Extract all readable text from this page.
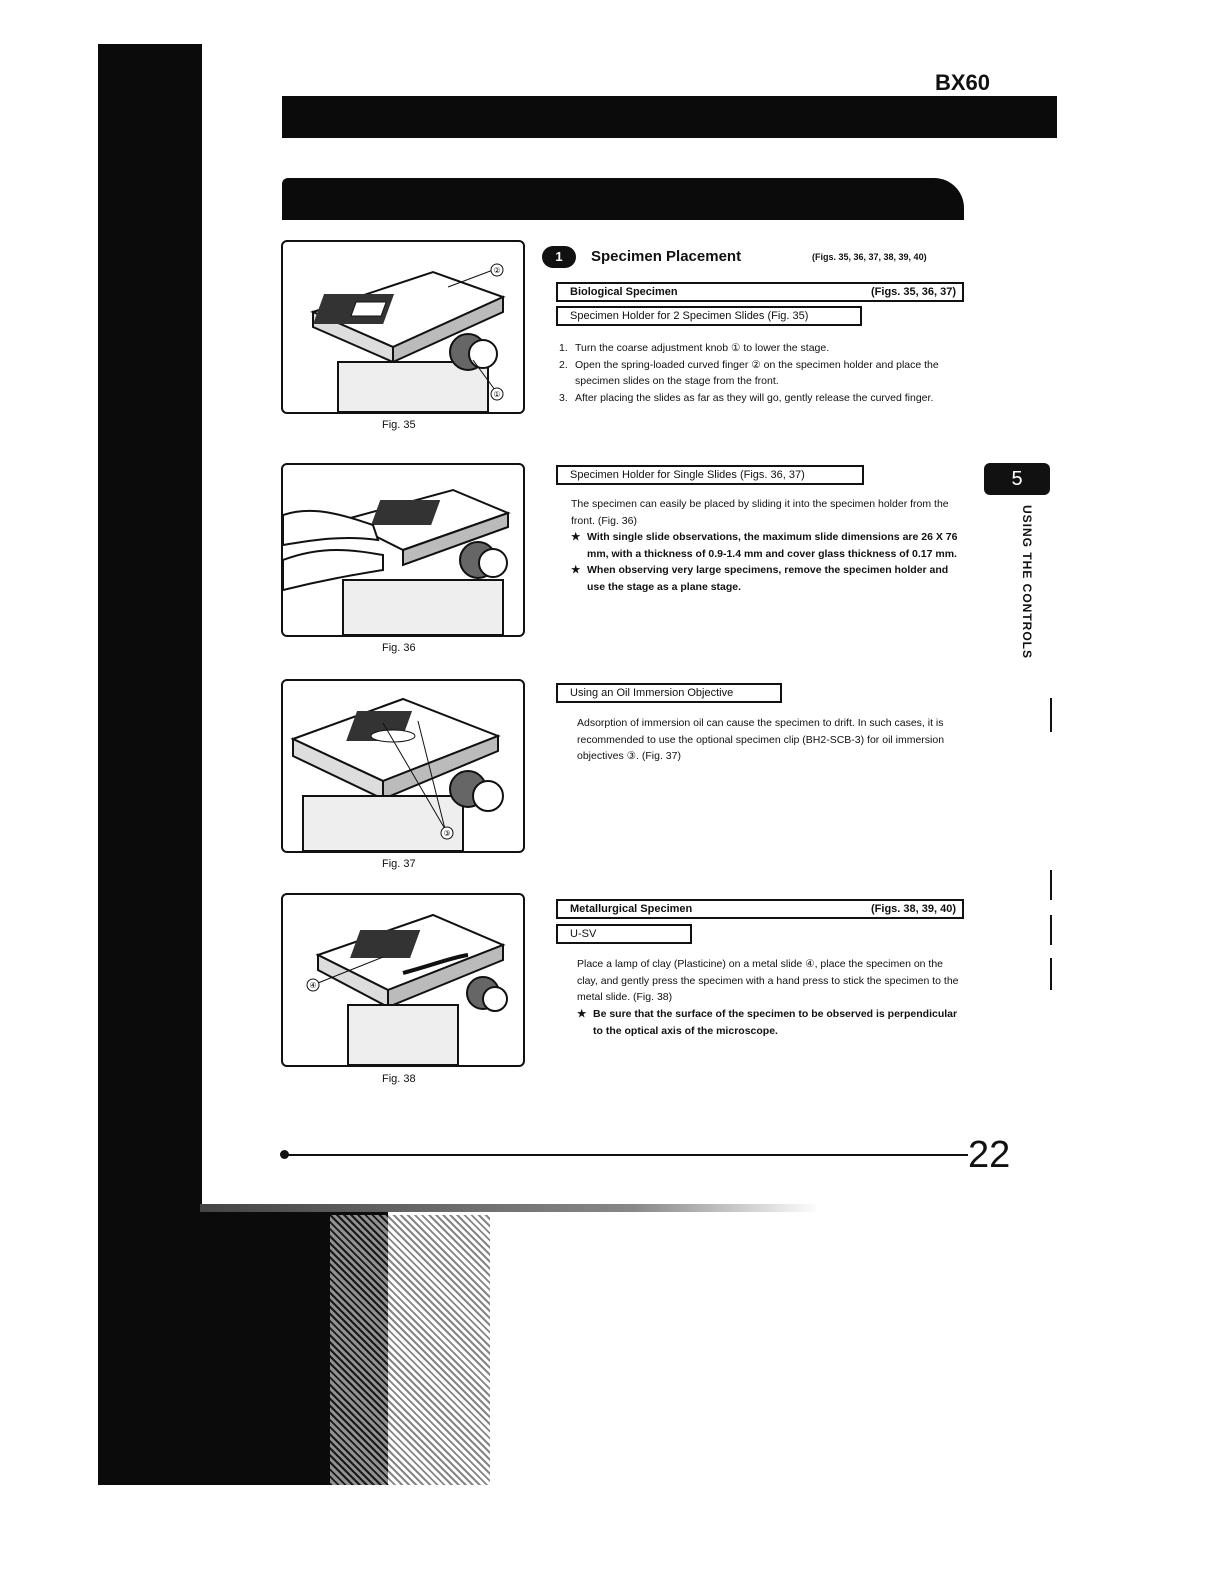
BX60
②
①
Fig. 35
Fig. 36
③
Fig. 37
④
Fig. 38
1	Specimen Placement	(Figs. 35, 36, 37, 38, 39, 40)
Biological Specimen	(Figs. 35, 36, 37)
Specimen Holder for 2 Specimen Slides (Fig. 35)
1. Turn the coarse adjustment knob ① to lower the stage.
2. Open the spring-loaded curved finger ② on the specimen holder and place the specimen slides on the stage from the front.
3. After placing the slides as far as they will go, gently release the curved finger.
Specimen Holder for Single Slides (Figs. 36, 37)
The specimen can easily be placed by sliding it into the specimen holder from the front. (Fig. 36)
★ With single slide observations, the maximum slide dimensions are 26 X 76 mm, with a thickness of 0.9-1.4 mm and cover glass thickness of 0.17 mm.
★ When observing very large specimens, remove the specimen holder and use the stage as a plane stage.
Using an Oil Immersion Objective
Adsorption of immersion oil can cause the specimen to drift. In such cases, it is recommended to use the optional specimen clip (BH2-SCB-3) for oil immersion objectives ③. (Fig. 37)
Metallurgical Specimen	(Figs. 38, 39, 40)
U-SV
Place a lamp of clay (Plasticine) on a metal slide ④, place the specimen on the clay, and gently press the specimen with a hand press to stick the specimen to the metal slide. (Fig. 38)
★ Be sure that the surface of the specimen to be observed is perpendicular to the optical axis of the microscope.
5
USING THE CONTROLS
22
